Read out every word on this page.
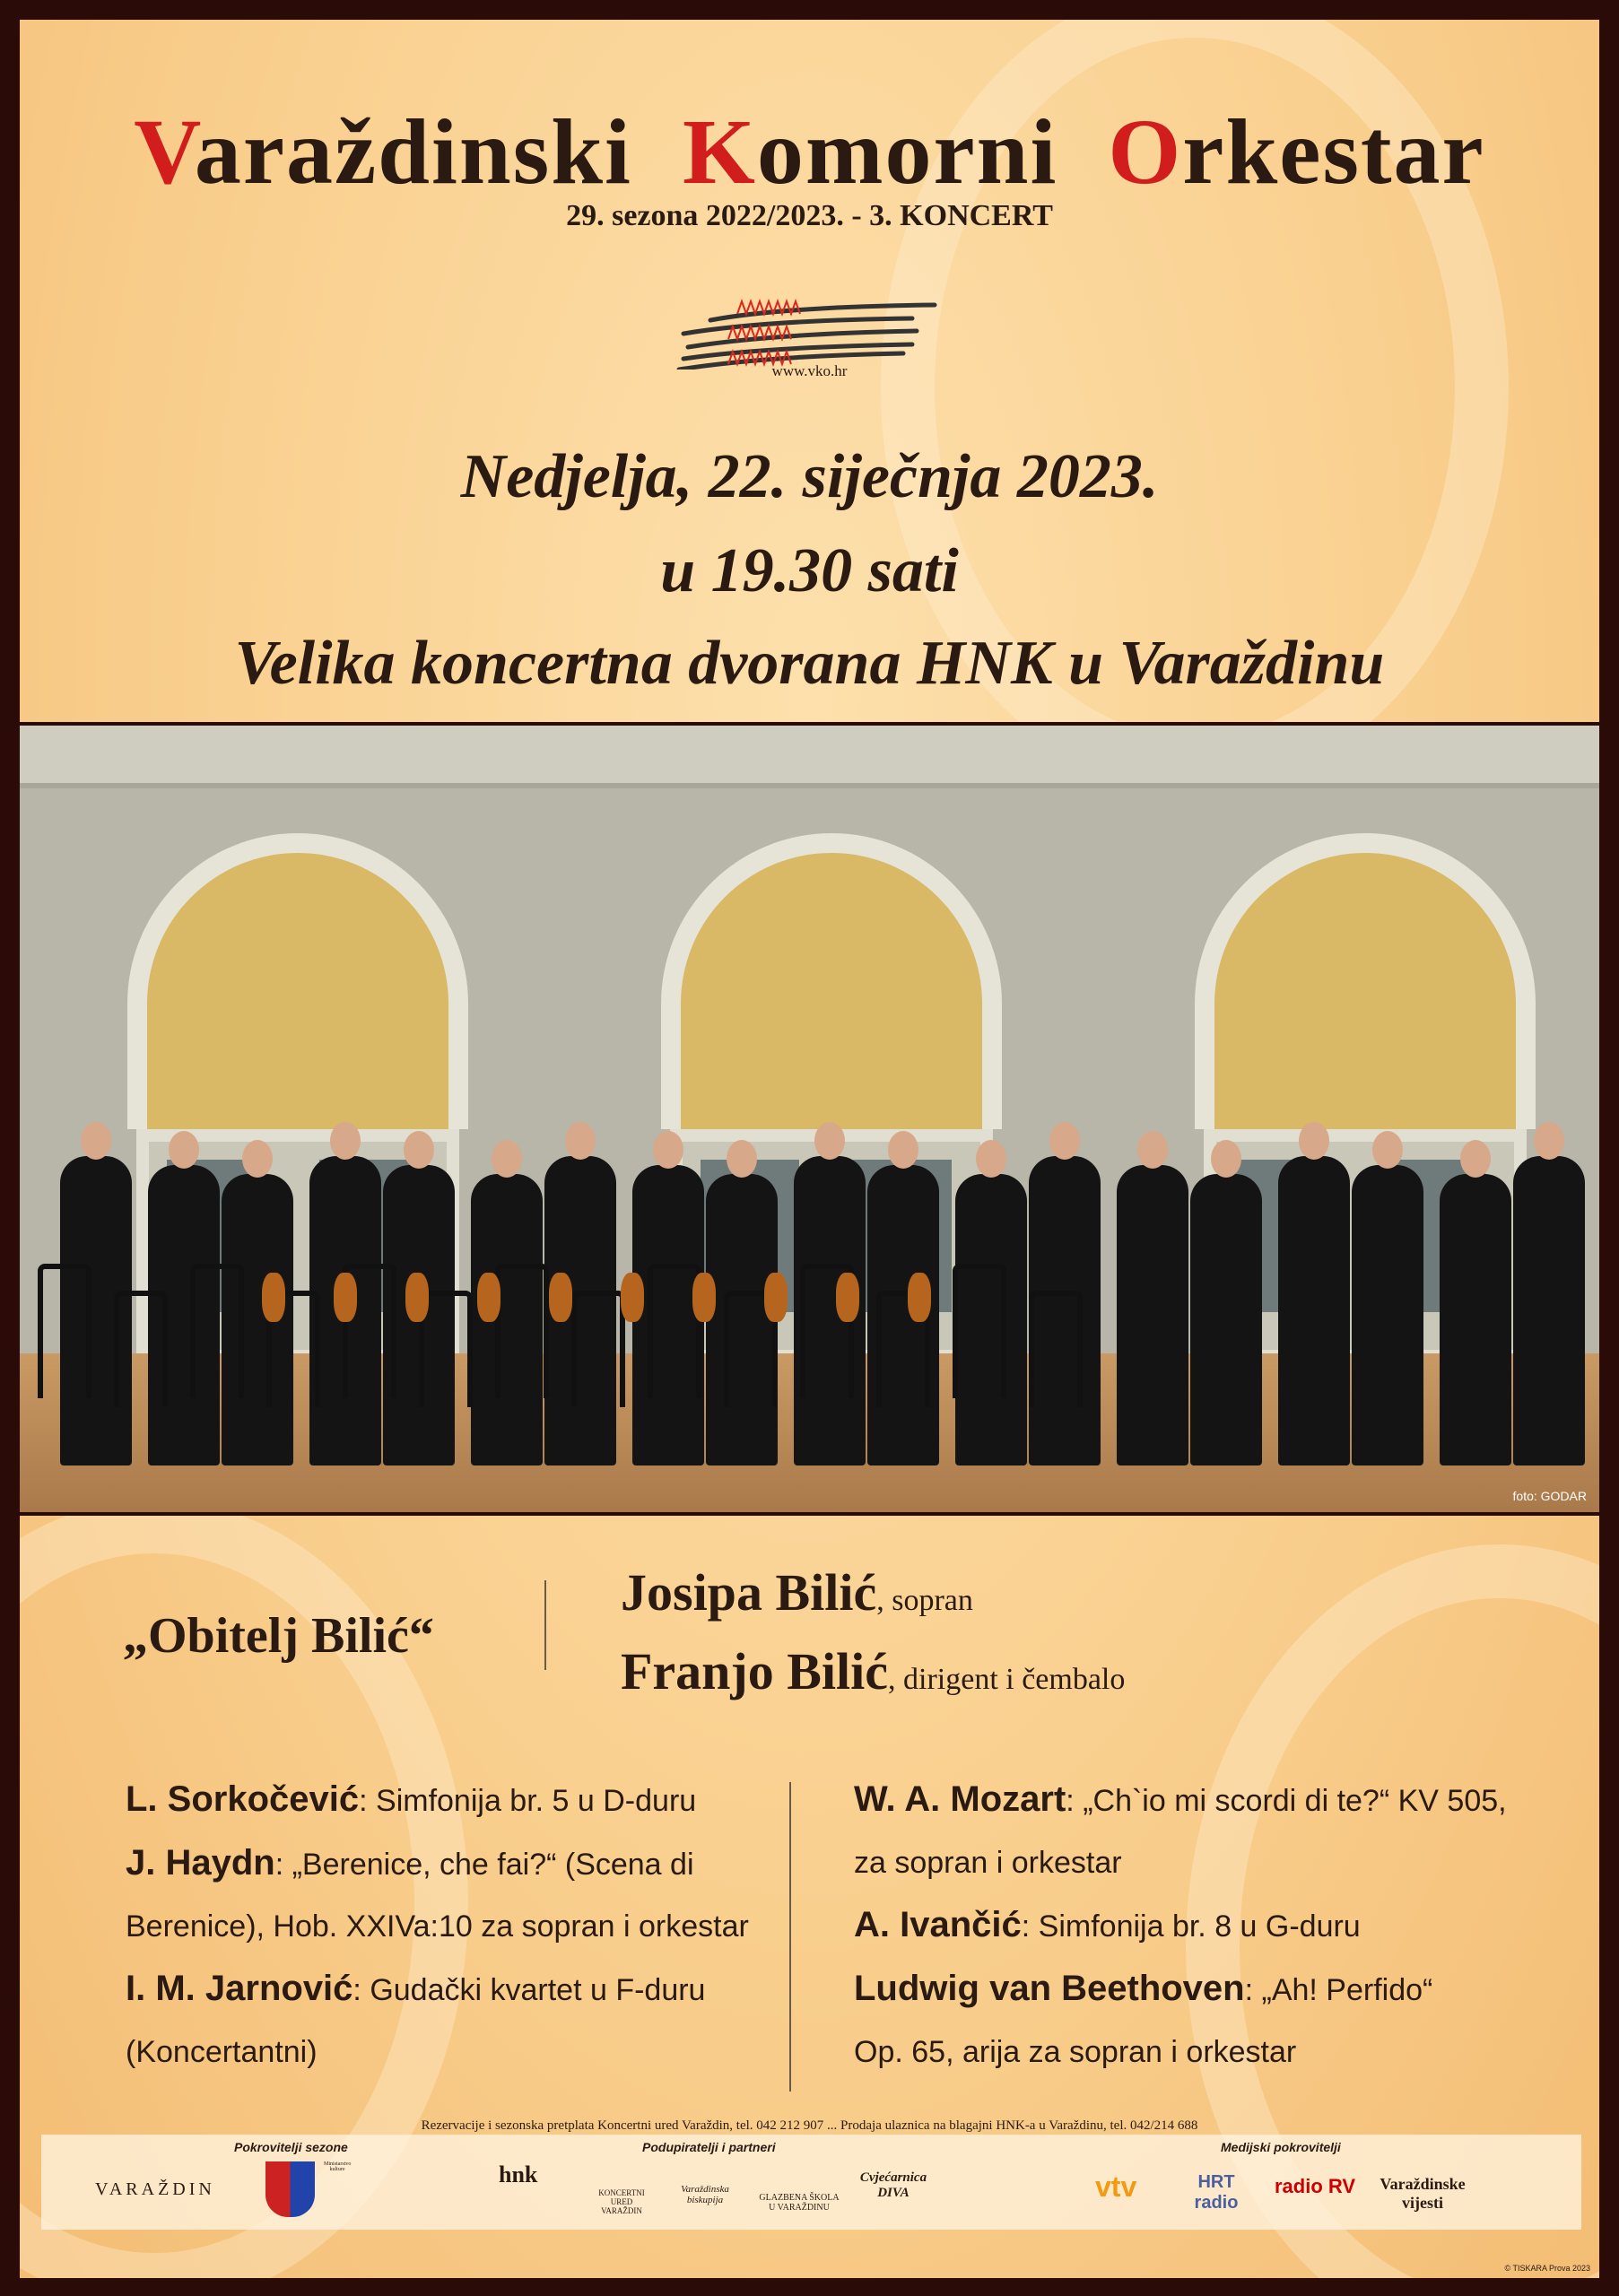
Varaždinski Komorni Orkestar
29. sezona 2022/2023. - 3. KONCERT
www.vko.hr
Nedjelja, 22. siječnja 2023.
u 19.30 sati
Velika koncertna dvorana HNK u Varaždinu
foto: GODAR
„Obitelj Bilić“
Josipa Bilić, sopran
Franjo Bilić, dirigent i čembalo
L. Sorkočević: Simfonija br. 5 u D-duru
J. Haydn: „Berenice, che fai?“ (Scena di
Berenice), Hob. XXIVa:10 za sopran i orkestar
I. M. Jarnović: Gudački kvartet u F-duru
(Koncertantni)
W. A. Mozart: „Ch`io mi scordi di te?“ KV 505,
za sopran i orkestar
A. Ivančić: Simfonija br. 8 u G-duru
Ludwig van Beethoven: „Ah! Perfido“
Op. 65, arija za sopran i orkestar
Rezervacije i sezonska pretplata Koncertni ured Varaždin, tel. 042 212 907 ... Prodaja ulaznica na blagajni HNK-a u Varaždinu, tel. 042/214 688
Pokrovitelji sezone	Podupiratelji i partneri	Medijski pokrovitelji
VARAŽDIN
Ministarstvo kulture	hnk
KONCERTNI URED VARAŽDIN
Varaždinska biskupija	GLAZBENA ŠKOLA U VARAŽDINU
Cvjećarnica DIVA	vtv	HRT radio
radio RV	Varaždinske vijesti
© TISKARA Prova 2023
